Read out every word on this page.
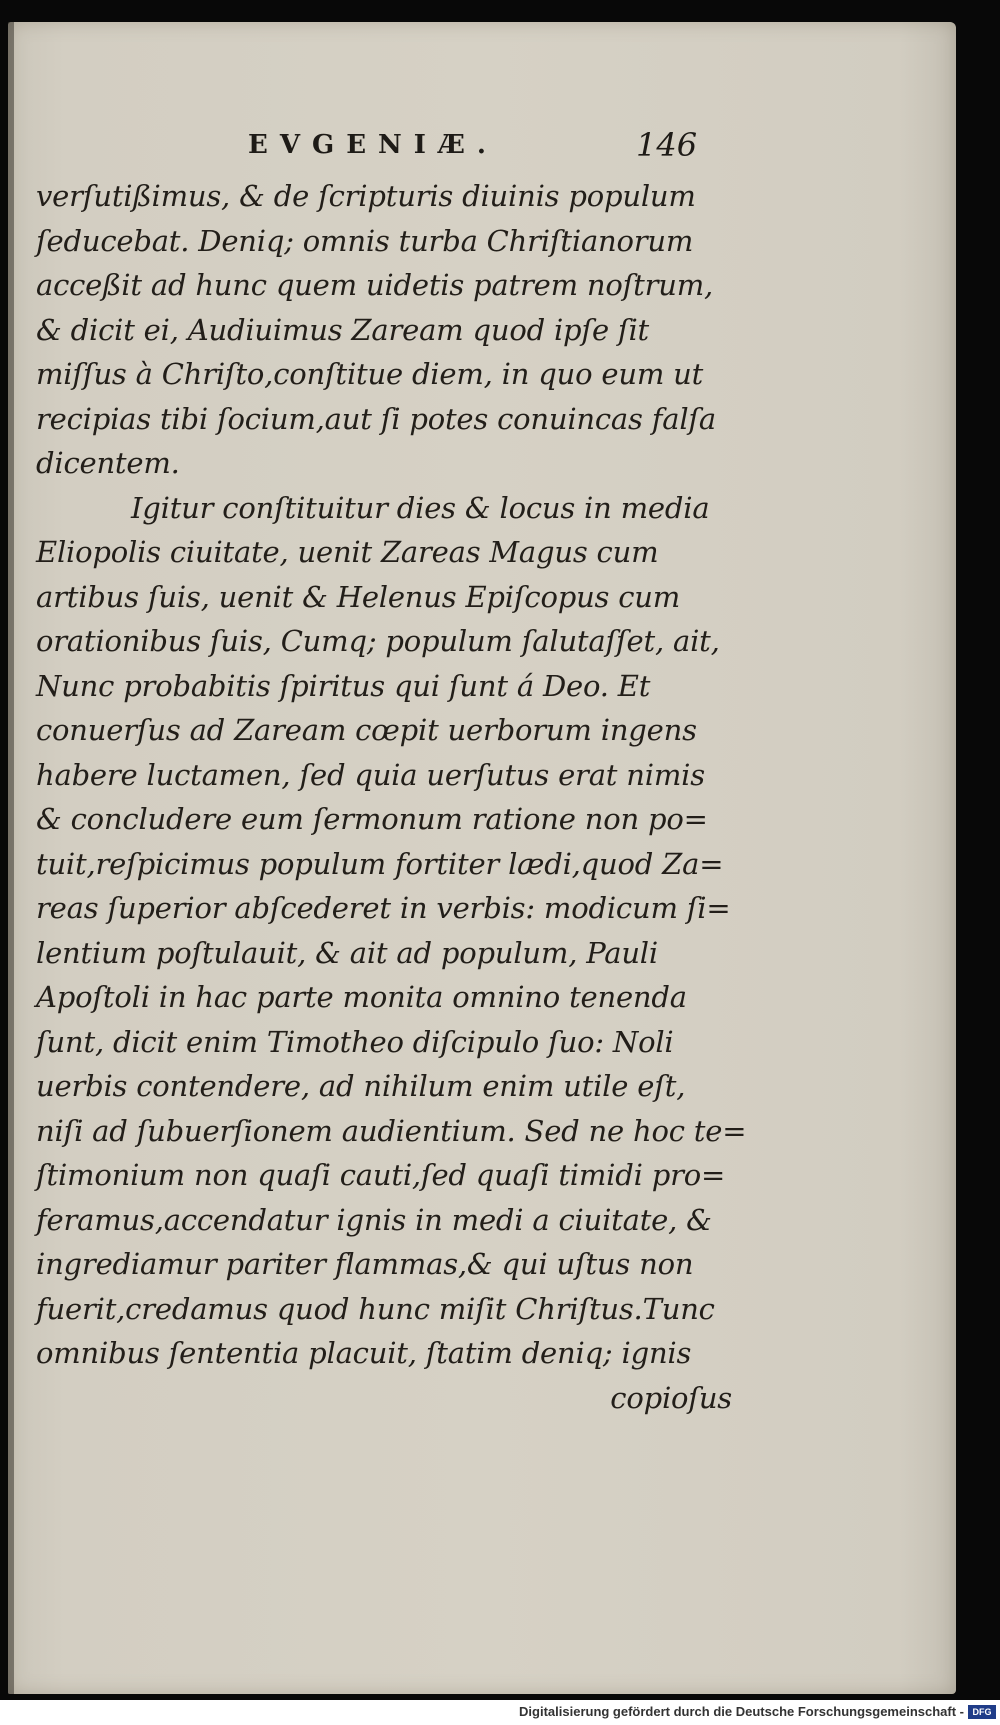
EVGENIÆ.	146
verſutißimus, & de ſcripturis diuinis populum
ſeducebat. Deniq; omnis turba Chriſtianorum
acceßit ad hunc quem uidetis patrem noſtrum,
& dicit ei, Audiuimus Zaream quod ipſe ſit
miſſus à Chriſto,conſtitue diem, in quo eum ut
recipias tibi ſocium,aut ſi potes conuincas falſa
dicentem.
Igitur conſtituitur dies & locus in media
Eliopolis ciuitate, uenit Zareas Magus cum
artibus ſuis, uenit & Helenus Epiſcopus cum
orationibus ſuis, Cumq; populum ſalutaſſet, ait,
Nunc probabitis ſpiritus qui ſunt á Deo. Et
conuerſus ad Zaream cœpit uerborum ingens
habere luctamen, ſed quia uerſutus erat nimis
& concludere eum ſermonum ratione non po=
tuit,reſpicimus populum fortiter lædi,quod Za=
reas ſuperior abſcederet in verbis: modicum ſi=
lentium poſtulauit, & ait ad populum, Pauli
Apoſtoli in hac parte monita omnino tenenda
ſunt, dicit enim Timotheo diſcipulo ſuo: Noli
uerbis contendere, ad nihilum enim utile eſt,
niſi ad ſubuerſionem audientium. Sed ne hoc te=
ſtimonium non quaſi cauti,ſed quaſi timidi pro=
feramus,accendatur ignis in medi a ciuitate, &
ingrediamur pariter flammas,& qui uſtus non
fuerit,credamus quod hunc miſit Chriſtus.Tunc
omnibus ſententia placuit, ſtatim deniq; ignis
copioſus
Digitalisierung gefördert durch die Deutsche Forschungsgemeinschaft - DFG
